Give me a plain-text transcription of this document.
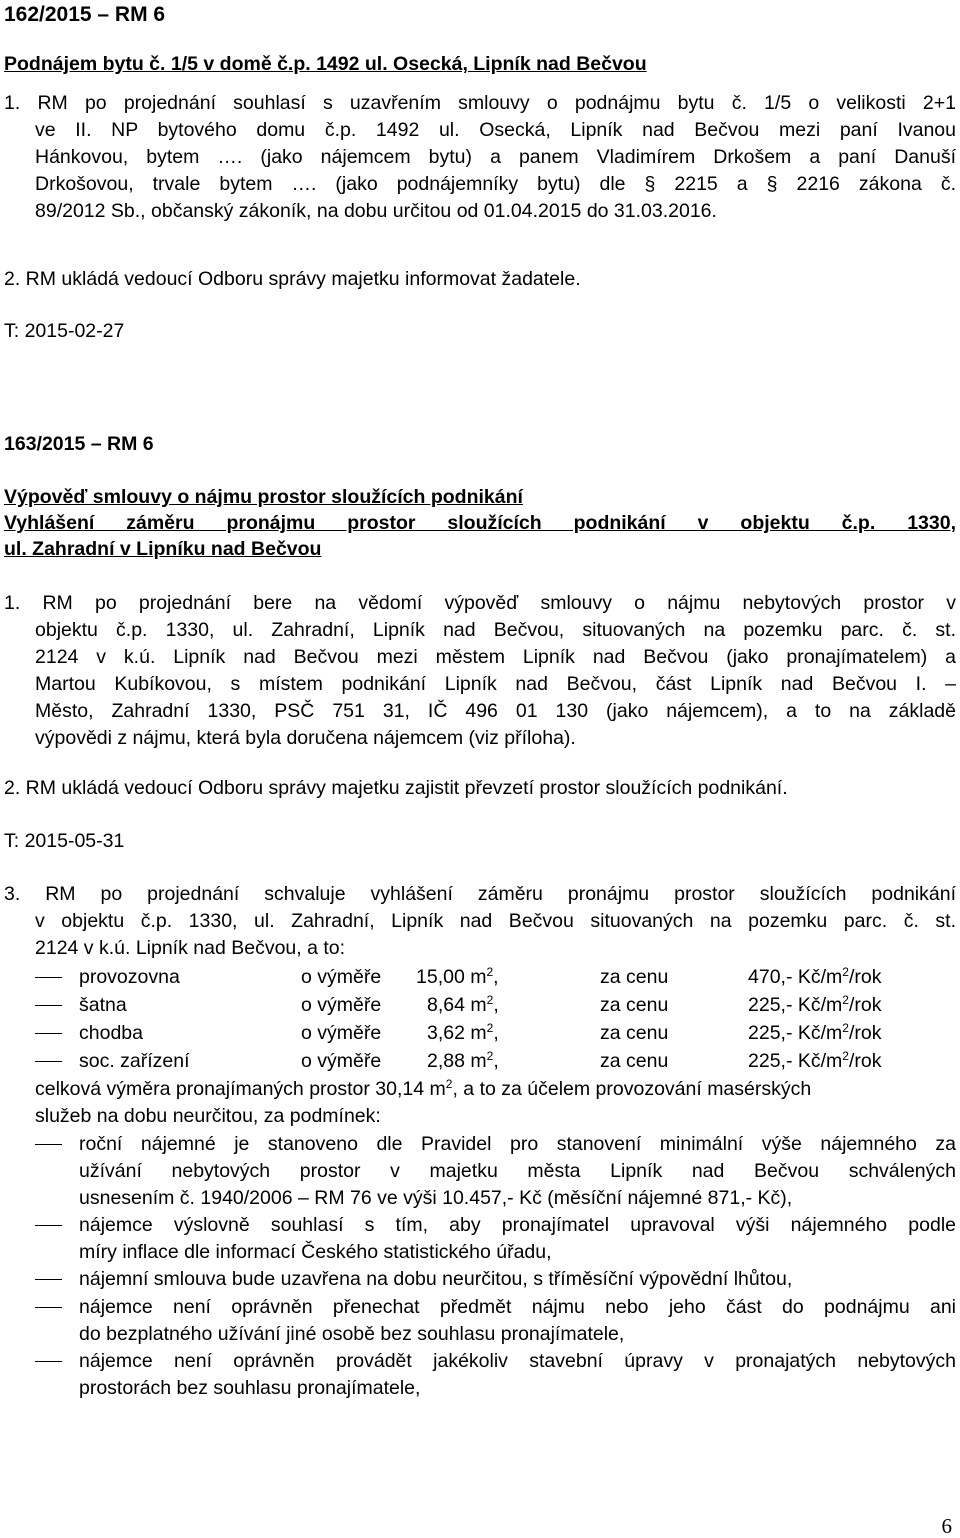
162/2015 – RM 6
Podnájem bytu č. 1/5 v domě č.p. 1492 ul. Osecká, Lipník nad Bečvou
1. RM po projednání souhlasí s uzavřením smlouvy o podnájmu bytu č. 1/5 o velikosti 2+1
ve II. NP bytového domu č.p. 1492 ul. Osecká, Lipník nad Bečvou mezi paní Ivanou
Hánkovou, bytem …. (jako nájemcem bytu) a panem Vladimírem Drkošem a paní Danuší
Drkošovou, trvale bytem …. (jako podnájemníky bytu) dle § 2215 a § 2216 zákona č.
89/2012 Sb., občanský zákoník, na dobu určitou od 01.04.2015 do 31.03.2016.
2. RM ukládá vedoucí Odboru správy majetku informovat žadatele.
T: 2015-02-27
163/2015 – RM 6
Výpověď smlouvy o nájmu prostor sloužících podnikání
Vyhlášení záměru pronájmu prostor sloužících podnikání v objektu č.p. 1330,
ul. Zahradní v Lipníku nad Bečvou
1. RM po projednání bere na vědomí výpověď smlouvy o nájmu nebytových prostor v
objektu č.p. 1330, ul. Zahradní, Lipník nad Bečvou, situovaných na pozemku parc. č. st.
2124 v k.ú. Lipník nad Bečvou mezi městem Lipník nad Bečvou (jako pronajímatelem) a
Martou Kubíkovou, s místem podnikání Lipník nad Bečvou, část Lipník nad Bečvou I. –
Město, Zahradní 1330, PSČ 751 31, IČ 496 01 130 (jako nájemcem), a to na základě
výpovědi z nájmu, která byla doručena nájemcem (viz příloha).
2. RM ukládá vedoucí Odboru správy majetku zajistit převzetí prostor sloužících podnikání.
T: 2015-05-31
3. RM po projednání schvaluje vyhlášení záměru pronájmu prostor sloužících podnikání
v objektu č.p. 1330, ul. Zahradní, Lipník nad Bečvou situovaných na pozemku parc. č. st.
2124 v k.ú. Lipník nad Bečvou, a to:
provozovna	o výměře 15,00 $m^2$,	za cenu	470,- $Kč/m^2$/rok
šatna	o výměře 8,64 $m^2$,	za cenu	225,- $Kč/m^2$/rok
chodba	o výměře 3,62 $m^2$,	za cenu	225,- $Kč/m^2$/rok
soc. zařízení	o výměře 2,88 $m^2$,	za cenu	225,- $Kč/m^2$/rok
celková výměra pronajímaných prostor 30,14 $m^2$, a to za účelem provozování masérských
služeb na dobu neurčitou, za podmínek:
roční nájemné je stanoveno dle Pravidel pro stanovení minimální výše nájemného za
užívání nebytových prostor v majetku města Lipník nad Bečvou schválených
usnesením č. 1940/2006 – RM 76 ve výši 10.457,- Kč (měsíční nájemné 871,- Kč),
nájemce výslovně souhlasí s tím, aby pronajímatel upravoval výši nájemného podle
míry inflace dle informací Českého statistického úřadu,
nájemní smlouva bude uzavřena na dobu neurčitou, s tříměsíční výpovědní lhůtou,
nájemce není oprávněn přenechat předmět nájmu nebo jeho část do podnájmu ani
do bezplatného užívání jiné osobě bez souhlasu pronajímatele,
nájemce není oprávněn provádět jakékoliv stavební úpravy v pronajatých nebytových
prostorách bez souhlasu pronajímatele,
6
